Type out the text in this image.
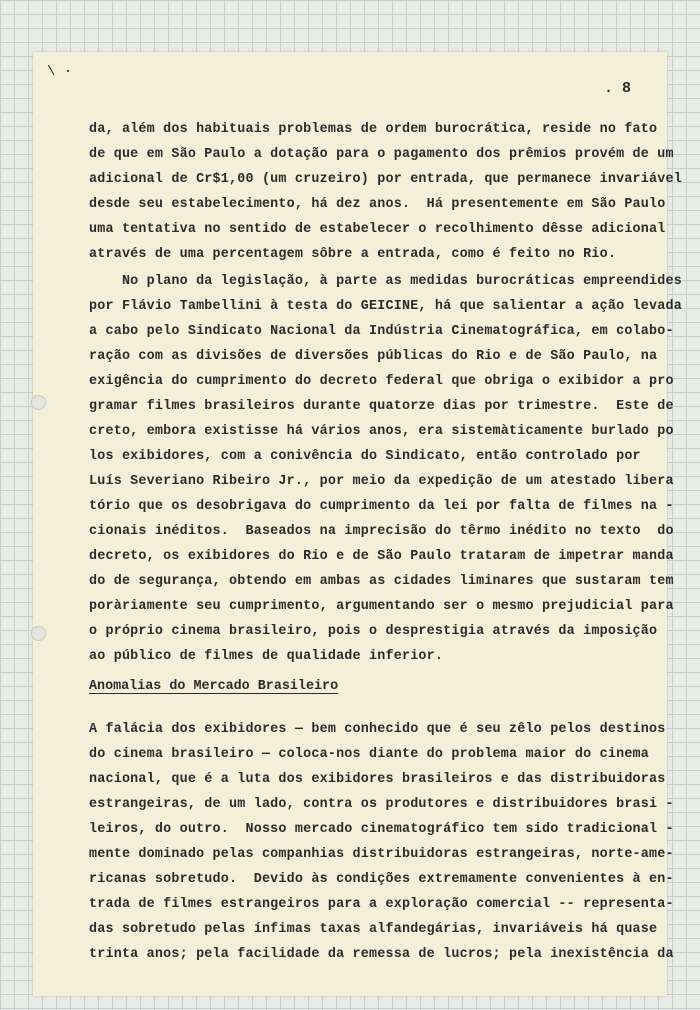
\ ·
. 8
da, além dos habituais problemas de ordem burocrática, reside no fato
de que em São Paulo a dotação para o pagamento dos prêmios provém de um
adicional de Cr$1,00 (um cruzeiro) por entrada, que permanece invariável
desde seu estabelecimento, há dez anos.  Há presentemente em São Paulo
uma tentativa no sentido de estabelecer o recolhimento dêsse adicional
através de uma percentagem sôbre a entrada, como é feito no Rio.
No plano da legislação, à parte as medidas burocráticas empreendides
por Flávio Tambellini à testa do GEICINE, há que salientar a ação levada
a cabo pelo Sindicato Nacional da Indústria Cinematográfica, em colabo-
ração com as divisões de diversões públicas do Rio e de São Paulo, na
exigência do cumprimento do decreto federal que obriga o exibidor a pro
gramar filmes brasileiros durante quatorze dias por trimestre.  Este de
creto, embora existisse há vários anos, era sistemàticamente burlado po
los exibidores, com a conivência do Sindicato, então controlado por
Luís Severiano Ribeiro Jr., por meio da expedição de um atestado libera
tório que os desobrigava do cumprimento da lei por falta de filmes na -
cionais inéditos.  Baseados na imprecisão do têrmo inédito no texto  do
decreto, os exibidores do Rio e de São Paulo trataram de impetrar manda
do de segurança, obtendo em ambas as cidades liminares que sustaram tem
poràriamente seu cumprimento, argumentando ser o mesmo prejudicial para
o próprio cinema brasileiro, pois o desprestigia através da imposição
ao público de filmes de qualidade inferior.
Anomalias do Mercado Brasileiro
A falácia dos exibidores — bem conhecido que é seu zêlo pelos destinos
do cinema brasileiro — coloca-nos diante do problema maior do cinema
nacional, que é a luta dos exibidores brasileiros e das distribuidoras
estrangeiras, de um lado, contra os produtores e distribuidores brasi -
leiros, do outro.  Nosso mercado cinematográfico tem sido tradicional -
mente dominado pelas companhias distribuidoras estrangeiras, norte-ame-
ricanas sobretudo.  Devido às condições extremamente convenientes à en-
trada de filmes estrangeiros para a exploração comercial -- representa-
das sobretudo pelas ínfimas taxas alfandegárias, invariáveis há quase
trinta anos; pela facilidade da remessa de lucros; pela inexistência da
